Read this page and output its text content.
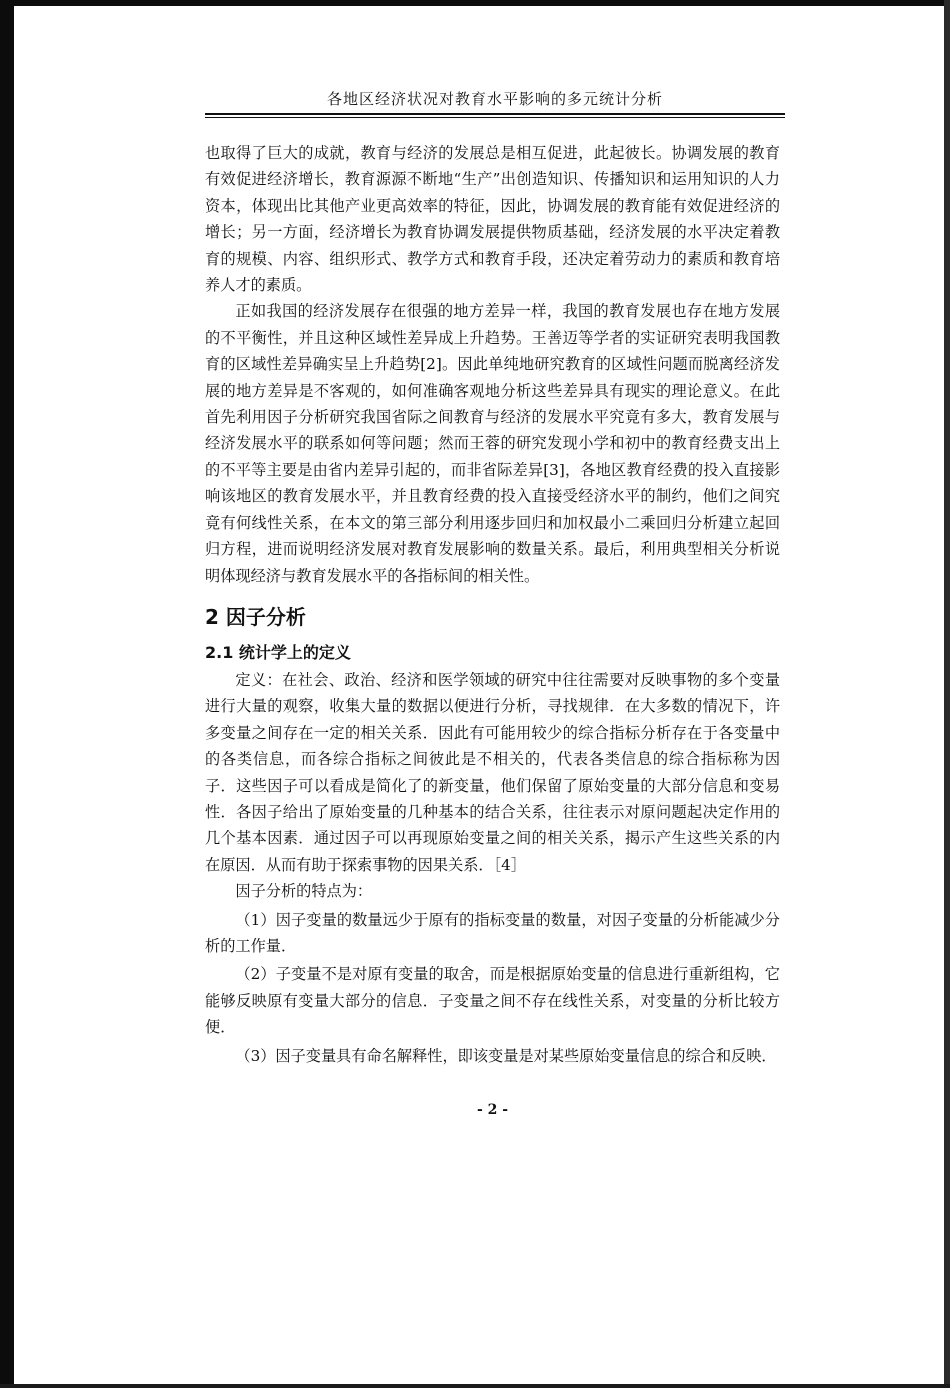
各地区经济状况对教育水平影响的多元统计分析

也取得了巨大的成就，教育与经济的发展总是相互促进，此起彼长。协调发展的教育有效促进经济增长，教育源源不断地“生产”出创造知识、传播知识和运用知识的人力资本，体现出比其他产业更高效率的特征，因此，协调发展的教育能有效促进经济的增长；另一方面，经济增长为教育协调发展提供物质基础，经济发展的水平决定着教育的规模、内容、组织形式、教学方式和教育手段，还决定着劳动力的素质和教育培养人才的素质。

正如我国的经济发展存在很强的地方差异一样，我国的教育发展也存在地方发展的不平衡性，并且这种区域性差异成上升趋势。王善迈等学者的实证研究表明我国教育的区域性差异确实呈上升趋势[2]。因此单纯地研究教育的区域性问题而脱离经济发展的地方差异是不客观的，如何准确客观地分析这些差异具有现实的理论意义。在此首先利用因子分析研究我国省际之间教育与经济的发展水平究竟有多大，教育发展与经济发展水平的联系如何等问题；然而王蓉的研究发现小学和初中的教育经费支出上的不平等主要是由省内差异引起的，而非省际差异[3]，各地区教育经费的投入直接影响该地区的教育发展水平，并且教育经费的投入直接受经济水平的制约，他们之间究竟有何线性关系，在本文的第三部分利用逐步回归和加权最小二乘回归分析建立起回归方程，进而说明经济发展对教育发展影响的数量关系。最后，利用典型相关分析说明体现经济与教育发展水平的各指标间的相关性。

2 因子分析
2.1 统计学上的定义

定义：在社会、政治、经济和医学领域的研究中往往需要对反映事物的多个变量进行大量的观察，收集大量的数据以便进行分析，寻找规律．在大多数的情况下，许多变量之间存在一定的相关关系．因此有可能用较少的综合指标分析存在于各变量中的各类信息，而各综合指标之间彼此是不相关的，代表各类信息的综合指标称为因子．这些因子可以看成是简化了的新变量，他们保留了原始变量的大部分信息和变易性．各因子给出了原始变量的几种基本的结合关系，往往表示对原问题起决定作用的几个基本因素．通过因子可以再现原始变量之间的相关关系，揭示产生这些关系的内在原因．从而有助于探索事物的因果关系．［4］

因子分析的特点为：

（1）因子变量的数量远少于原有的指标变量的数量，对因子变量的分析能减少分析的工作量．

（2）子变量不是对原有变量的取舍，而是根据原始变量的信息进行重新组构，它能够反映原有变量大部分的信息．子变量之间不存在线性关系，对变量的分析比较方便．

（3）因子变量具有命名解释性，即该变量是对某些原始变量信息的综合和反映．

- 2 -
